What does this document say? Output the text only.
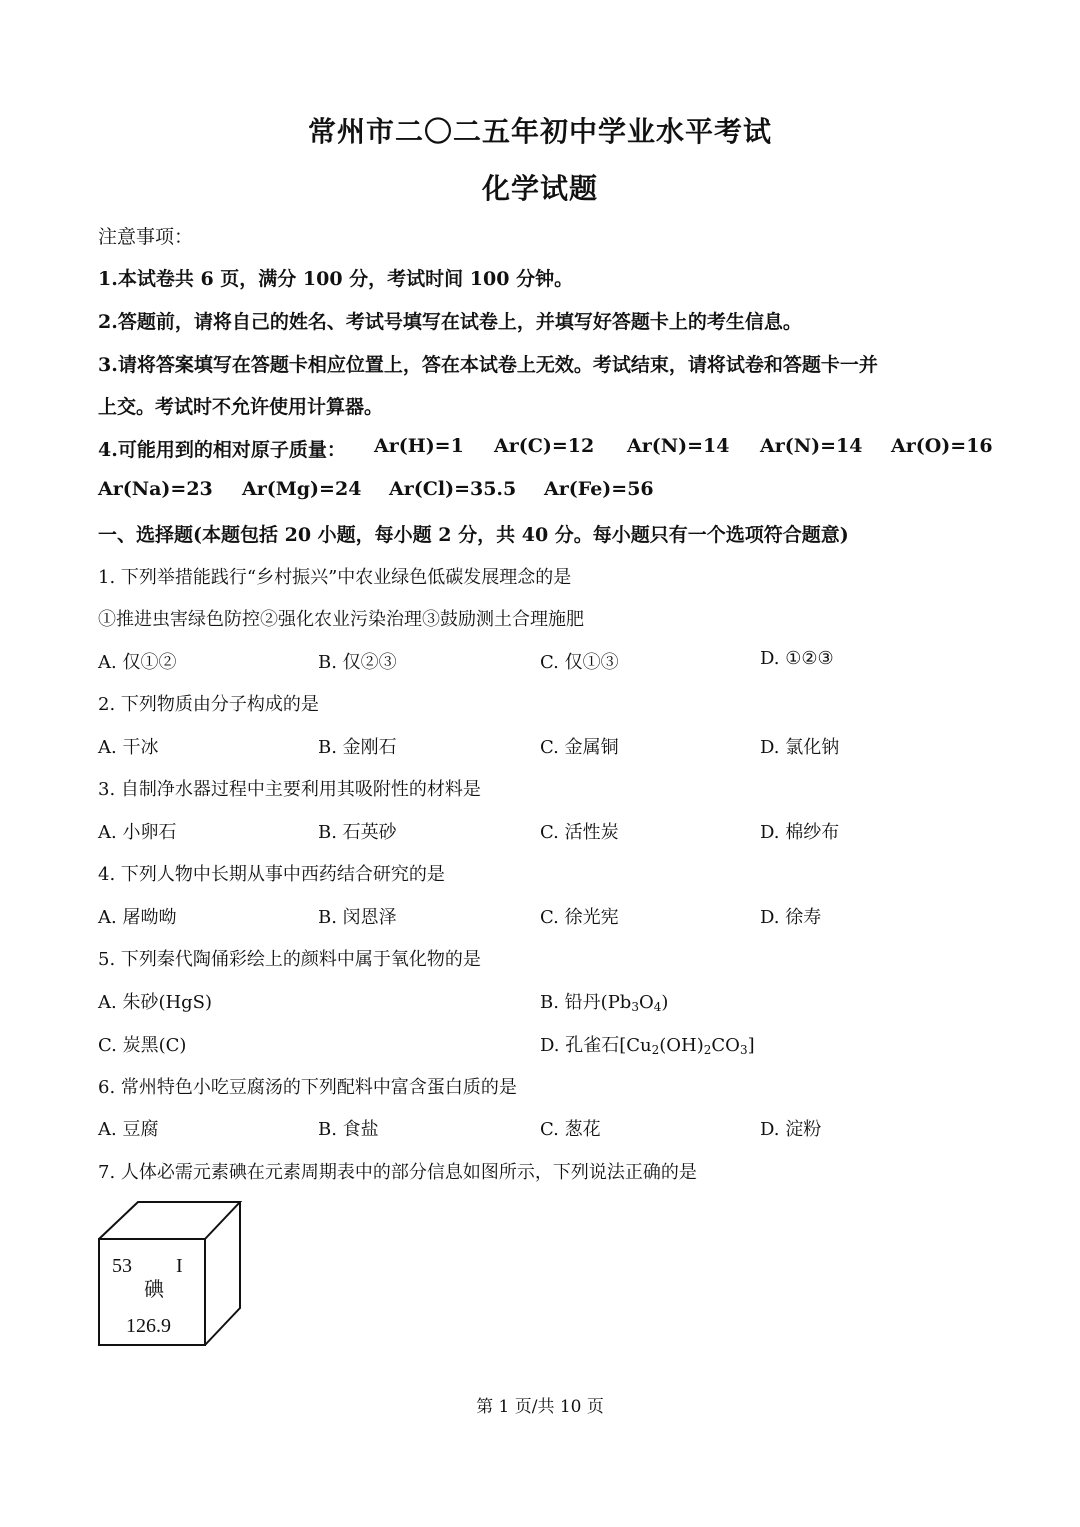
常州市二〇二五年初中学业水平考试
化学试题
注意事项：
1.本试卷共 6 页，满分 100 分，考试时间 100 分钟。
2.答题前，请将自己的姓名、考试号填写在试卷上，并填写好答题卡上的考生信息。
3.请将答案填写在答题卡相应位置上，答在本试卷上无效。考试结束，请将试卷和答题卡一并
上交。考试时不允许使用计算器。
4.可能用到的相对原子质量： Ar(H)=1 Ar(C)=12 Ar(N)=14 Ar(N)=14 Ar(O)=16
Ar(Na)=23 Ar(Mg)=24 Ar(Cl)=35.5 Ar(Fe)=56
一、选择题(本题包括 20 小题，每小题 2 分，共 40 分。每小题只有一个选项符合题意)
1. 下列举措能践行“乡村振兴”中农业绿色低碳发展理念的是
①推进虫害绿色防控②强化农业污染治理③鼓励测土合理施肥
A. 仅①②	B. 仅②③	C. 仅①③	D. ①②③
2. 下列物质由分子构成的是
A. 干冰	B. 金刚石	C. 金属铜	D. 氯化钠
3. 自制净水器过程中主要利用其吸附性的材料是
A. 小卵石	B. 石英砂	C. 活性炭	D. 棉纱布
4. 下列人物中长期从事中西药结合研究的是
A. 屠呦呦	B. 闵恩泽	C. 徐光宪	D. 徐寿
5. 下列秦代陶俑彩绘上的颜料中属于氧化物的是
A. 朱砂(HgS)	B. 铅丹$(Pb_3O_4)$
C. 炭黑(C)	D. 孔雀石$[Cu_2(OH)_2CO_3]$
6. 常州特色小吃豆腐汤的下列配料中富含蛋白质的是
A. 豆腐	B. 食盐	C. 葱花	D. 淀粉
7. 人体必需元素碘在元素周期表中的部分信息如图所示，下列说法正确的是
53 I
碘
126.9
第 1 页/共 10 页
